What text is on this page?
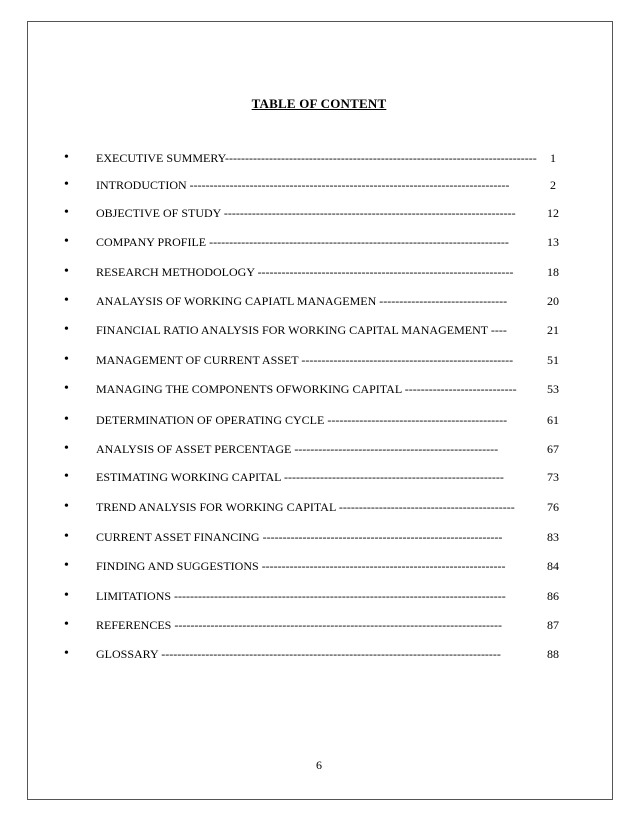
TABLE OF CONTENT
•	EXECUTIVE SUMMERY------------------------------------------------------------------------------	1
•	INTRODUCTION --------------------------------------------------------------------------------	2
•	OBJECTIVE OF STUDY -------------------------------------------------------------------------	12
•	COMPANY PROFILE ---------------------------------------------------------------------------	13
•	RESEARCH METHODOLOGY ----------------------------------------------------------------	18
•	ANALAYSIS OF WORKING CAPIATL MANAGEMEN --------------------------------	20
•	FINANCIAL RATIO ANALYSIS FOR WORKING CAPITAL MANAGEMENT ----	21
•	MANAGEMENT OF CURRENT ASSET -----------------------------------------------------	51
•	MANAGING THE COMPONENTS OFWORKING CAPITAL ----------------------------	53
•	DETERMINATION OF OPERATING CYCLE ---------------------------------------------	61
•	ANALYSIS OF ASSET PERCENTAGE ---------------------------------------------------	67
•	ESTIMATING WORKING CAPITAL -------------------------------------------------------	73
•	TREND ANALYSIS FOR WORKING CAPITAL --------------------------------------------	76
•	CURRENT ASSET FINANCING ------------------------------------------------------------	83
•	FINDING AND SUGGESTIONS -------------------------------------------------------------	84
•	LIMITATIONS -----------------------------------------------------------------------------------	86
•	REFERENCES ----------------------------------------------------------------------------------	87
•	GLOSSARY -------------------------------------------------------------------------------------	88
6
